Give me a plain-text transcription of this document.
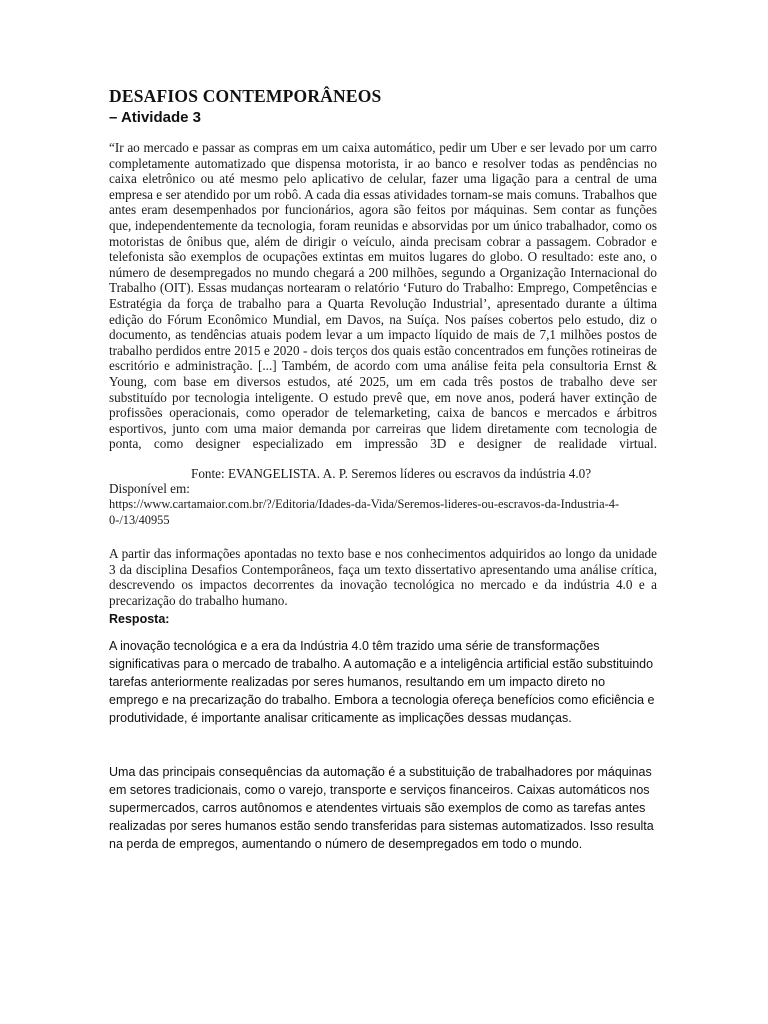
DESAFIOS CONTEMPORÂNEOS
– Atividade 3

“Ir ao mercado e passar as compras em um caixa automático, pedir um Uber e ser levado por um carro completamente automatizado que dispensa motorista, ir ao banco e resolver todas as pendências no caixa eletrônico ou até mesmo pelo aplicativo de celular, fazer uma ligação para a central de uma empresa e ser atendido por um robô. A cada dia essas atividades tornam-se mais comuns. Trabalhos que antes eram desempenhados por funcionários, agora são feitos por máquinas. Sem contar as funções que, independentemente da tecnologia, foram reunidas e absorvidas por um único trabalhador, como os motoristas de ônibus que, além de dirigir o veículo, ainda precisam cobrar a passagem. Cobrador e telefonista são exemplos de ocupações extintas em muitos lugares do globo. O resultado: este ano, o número de desempregados no mundo chegará a 200 milhões, segundo a Organização Internacional do Trabalho (OIT). Essas mudanças nortearam o relatório ‘Futuro do Trabalho: Emprego, Competências e Estratégia da força de trabalho para a Quarta Revolução Industrial’, apresentado durante a última edição do Fórum Econômico Mundial, em Davos, na Suíça. Nos países cobertos pelo estudo, diz o documento, as tendências atuais podem levar a um impacto líquido de mais de 7,1 milhões postos de trabalho perdidos entre 2015 e 2020 - dois terços dos quais estão concentrados em funções rotineiras de escritório e administração. [...] Também, de acordo com uma análise feita pela consultoria Ernst & Young, com base em diversos estudos, até 2025, um em cada três postos de trabalho deve ser substituído por tecnologia inteligente. O estudo prevê que, em nove anos, poderá haver extinção de profissões operacionais, como operador de telemarketing, caixa de bancos e mercados e árbitros esportivos, junto com uma maior demanda por carreiras que lidem diretamente com tecnologia de ponta, como designer especializado em impressão 3D e designer de realidade virtual.

Fonte: EVANGELISTA. A. P. Seremos líderes ou escravos da indústria 4.0?
Disponível em:

https://www.cartamaior.com.br/?/Editoria/Idades-da-Vida/Seremos-lideres-ou-escravos-da-Industria-4-0-/13/40955

A partir das informações apontadas no texto base e nos conhecimentos adquiridos ao longo da unidade 3 da disciplina Desafios Contemporâneos, faça um texto dissertativo apresentando uma análise crítica, descrevendo os impactos decorrentes da inovação tecnológica no mercado e da indústria 4.0 e a precarização do trabalho humano.

Resposta:

A inovação tecnológica e a era da Indústria 4.0 têm trazido uma série de transformações significativas para o mercado de trabalho. A automação e a inteligência artificial estão substituindo tarefas anteriormente realizadas por seres humanos, resultando em um impacto direto no emprego e na precarização do trabalho. Embora a tecnologia ofereça benefícios como eficiência e produtividade, é importante analisar criticamente as implicações dessas mudanças.

Uma das principais consequências da automação é a substituição de trabalhadores por máquinas em setores tradicionais, como o varejo, transporte e serviços financeiros. Caixas automáticos nos supermercados, carros autônomos e atendentes virtuais são exemplos de como as tarefas antes realizadas por seres humanos estão sendo transferidas para sistemas automatizados. Isso resulta na perda de empregos, aumentando o número de desempregados em todo o mundo.
